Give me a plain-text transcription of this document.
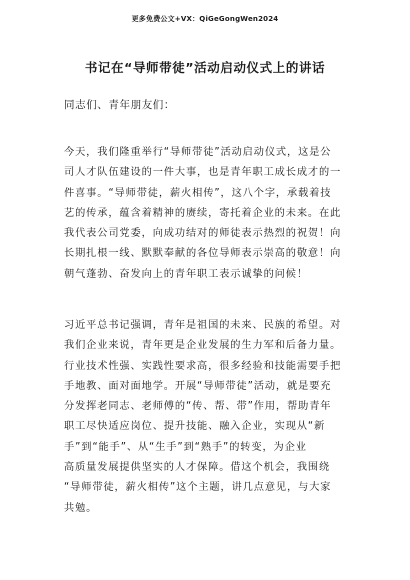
更多免费公文+VX：QiGeGongWen2024
书记在“导师带徒”活动启动仪式上的讲话
同志们、青年朋友们：
今天，我们隆重举行“导师带徒”活动启动仪式，这是公
司人才队伍建设的一件大事，也是青年职工成长成才的一
件喜事。“导师带徒，薪火相传”，这八个字，承载着技
艺的传承，蕴含着精神的赓续，寄托着企业的未来。在此
我代表公司党委，向成功结对的师徒表示热烈的祝贺！向
长期扎根一线、默默奉献的各位导师表示崇高的敬意！向
朝气蓬勃、奋发向上的青年职工表示诚挚的问候！
习近平总书记强调，青年是祖国的未来、民族的希望。对
我们企业来说，青年更是企业发展的生力军和后备力量。
行业技术性强、实践性要求高，很多经验和技能需要手把
手地教、面对面地学。开展“导师带徒”活动，就是要充
分发挥老同志、老师傅的“传、帮、带”作用，帮助青年
职工尽快适应岗位、提升技能、融入企业，实现从“新
手”到“能手”、从“生手”到“熟手”的转变，为企业
高质量发展提供坚实的人才保障。借这个机会，我围绕
“导师带徒，薪火相传”这个主题，讲几点意见，与大家
共勉。
